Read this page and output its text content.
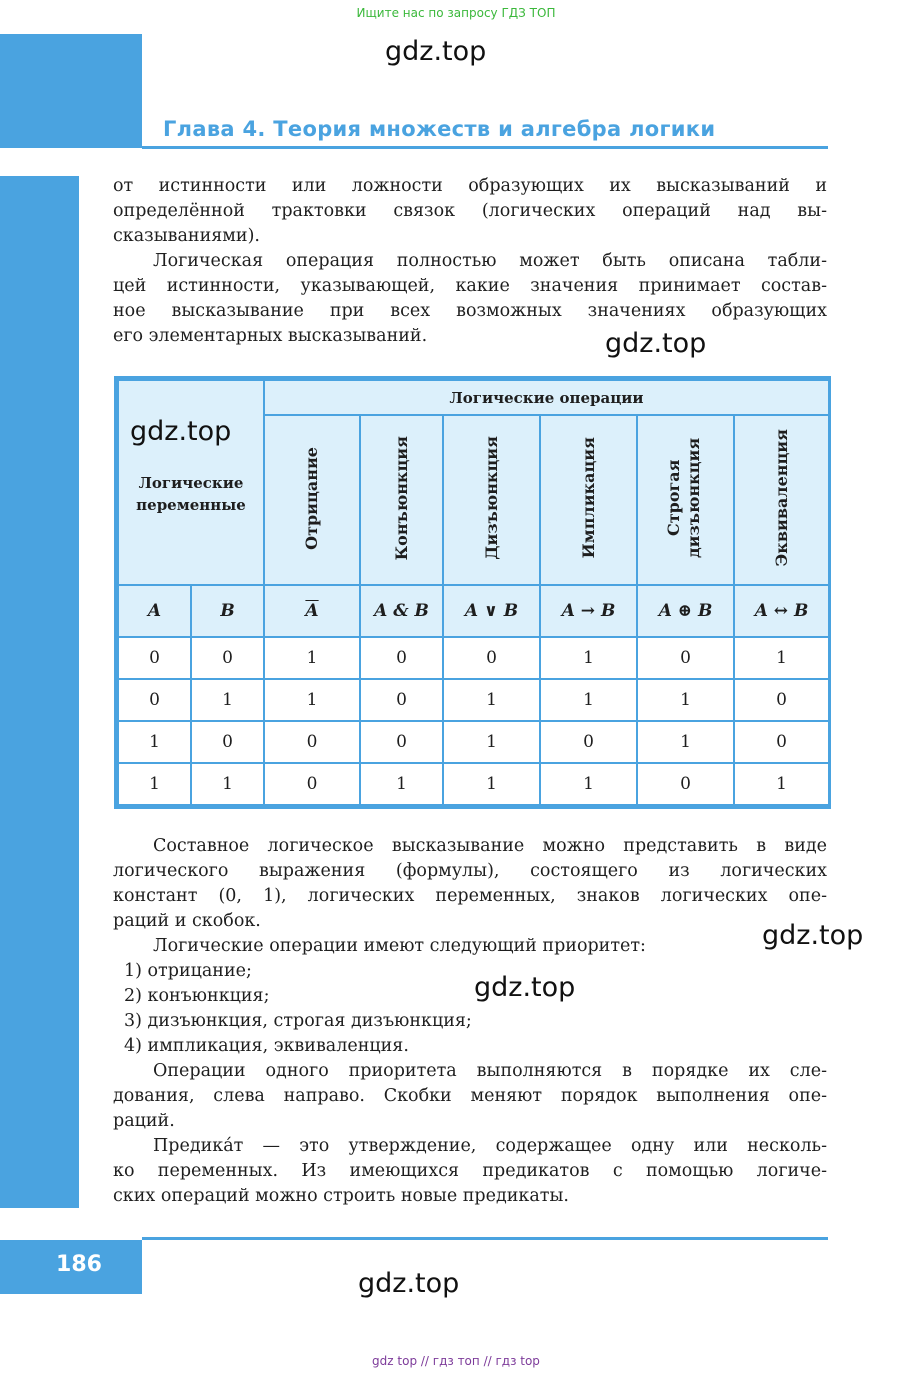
Ищите нас по запросу ГДЗ ТОП
186
gdz.top
Глава 4. Теория множеств и алгебра логики
от истинности или ложности образующих их высказываний и
определённой трактовки связок (логических операций над вы-
сказываниями).
Логическая операция полностью может быть описана табли-
цей истинности, указывающей, какие значения принимает состав-
ное высказывание при всех возможных значениях образующих
его элементарных высказываний.	gdz.top
Логические переменные		Логические операции					
		Отрицание	Конъюнкция	Дизъюнкция	Импликация	Строгая дизъюнкция	Эквиваленция
A	B	$\overline{A}$	A & B	A ∨ B	A → B	A ⊕ B	A ↔ B
0	0	1	0	0	1	0	1
0	1	1	0	1	1	1	0
1	0	0	0	1	0	1	0
1	1	0	1	1	1	0	1
gdz.top
Составное логическое высказывание можно представить в виде
логического выражения (формулы), состоящего из логических
констант (0, 1), логических переменных, знаков логических опе-
раций и скобок.
Логические операции имеют следующий приоритет:	gdz.top
1) отрицание;
2) конъюнкция;
3) дизъюнкция, строгая дизъюнкция;
4) импликация, эквиваленция.
gdz.top
Операции одного приоритета выполняются в порядке их сле-
дования, слева направо. Скобки меняют порядок выполнения опе-
раций.
Предика́т — это утверждение, содержащее одну или несколь-
ко переменных. Из имеющихся предикатов с помощью логиче-
ских операций можно строить новые предикаты.
gdz.top
gdz top // гдз топ // гдз top
